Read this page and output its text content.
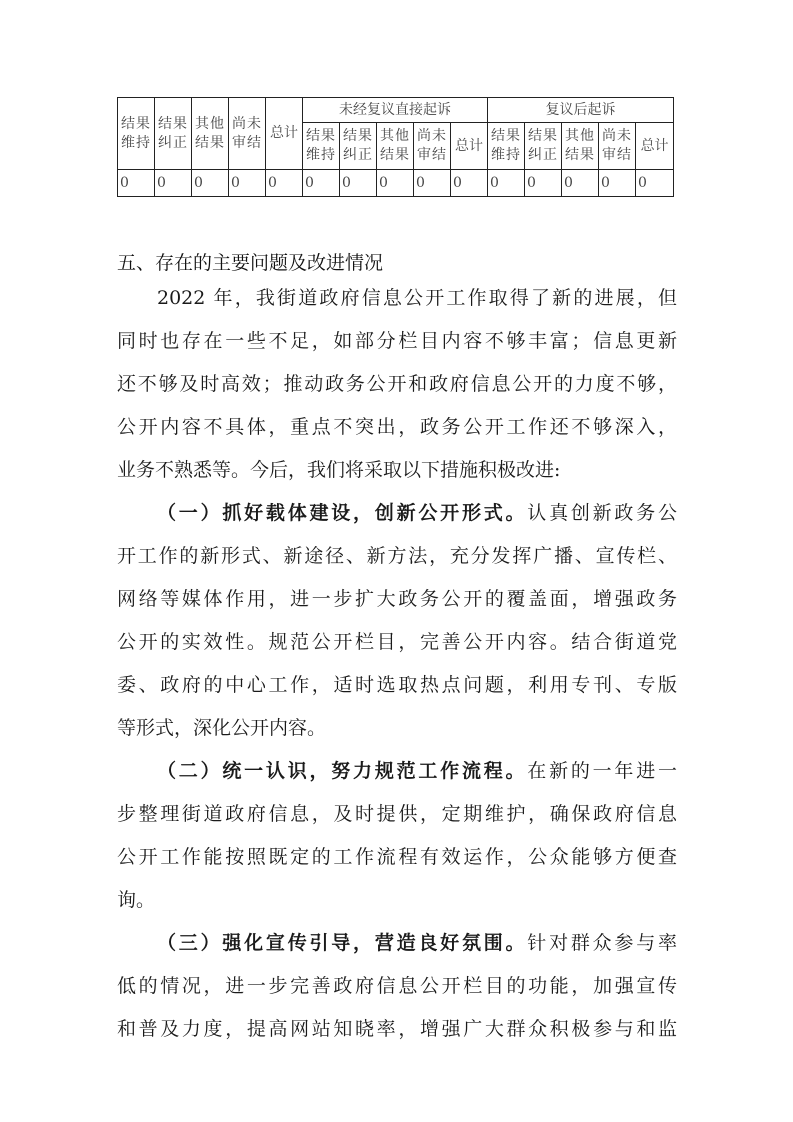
结果维持	结果纠正	其他结果	尚未审结	总计	未经复议直接起诉					复议后起诉				

					结果维持	结果纠正	其他结果	尚未审结	总计	结果维持	结果纠正	其他结果	尚未审结	总计
0	0	0	0	0	0	0	0	0	0	0	0	0	0	0
五、存在的主要问题及改进情况
2022 年，我街道政府信息公开工作取得了新的进展，但
同时也存在一些不足，如部分栏目内容不够丰富；信息更新
还不够及时高效；推动政务公开和政府信息公开的力度不够，
公开内容不具体，重点不突出，政务公开工作还不够深入，
业务不熟悉等。今后，我们将采取以下措施积极改进:
（一）抓好载体建设，创新公开形式。认真创新政务公
开工作的新形式、新途径、新方法，充分发挥广播、宣传栏、
网络等媒体作用，进一步扩大政务公开的覆盖面，增强政务
公开的实效性。规范公开栏目，完善公开内容。结合街道党
委、政府的中心工作，适时选取热点问题，利用专刊、专版
等形式，深化公开内容。
（二）统一认识，努力规范工作流程。在新的一年进一
步整理街道政府信息，及时提供，定期维护，确保政府信息
公开工作能按照既定的工作流程有效运作，公众能够方便查
询。
（三）强化宣传引导，营造良好氛围。针对群众参与率
低的情况，进一步完善政府信息公开栏目的功能，加强宣传
和普及力度，提高网站知晓率，增强广大群众积极参与和监
